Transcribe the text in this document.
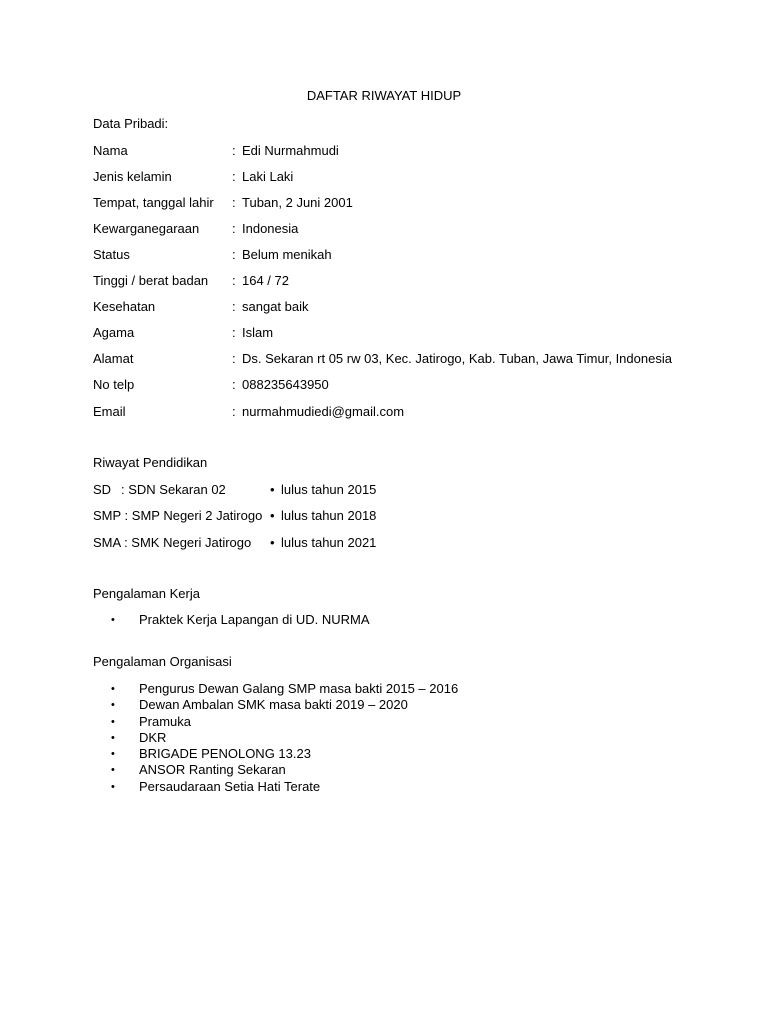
DAFTAR RIWAYAT HIDUP
Data Pribadi:
Nama	: Edi Nurmahmudi
Jenis kelamin	: Laki Laki
Tempat, tanggal lahir : Tuban, 2 Juni 2001
Kewarganegaraan	: Indonesia
Status	: Belum menikah
Tinggi / berat badan : 164 / 72
Kesehatan	: sangat baik
Agama	: Islam
Alamat	: Ds. Sekaran rt 05 rw 03, Kec. Jatirogo, Kab. Tuban, Jawa Timur, Indonesia
No telp	: 088235643950
Email	: nurmahmudiedi@gmail.com
Riwayat Pendidikan
SD : SDN Sekaran 02	• lulus tahun 2015
SMP : SMP Negeri 2 Jatirogo • lulus tahun 2018
SMA : SMK Negeri Jatirogo • lulus tahun 2021
Pengalaman Kerja
• Praktek Kerja Lapangan di UD. NURMA
Pengalaman Organisasi
• Pengurus Dewan Galang SMP masa bakti 2015 – 2016
• Dewan Ambalan SMK masa bakti 2019 – 2020
• Pramuka
• DKR
• BRIGADE PENOLONG 13.23
• ANSOR Ranting Sekaran
• Persaudaraan Setia Hati Terate
